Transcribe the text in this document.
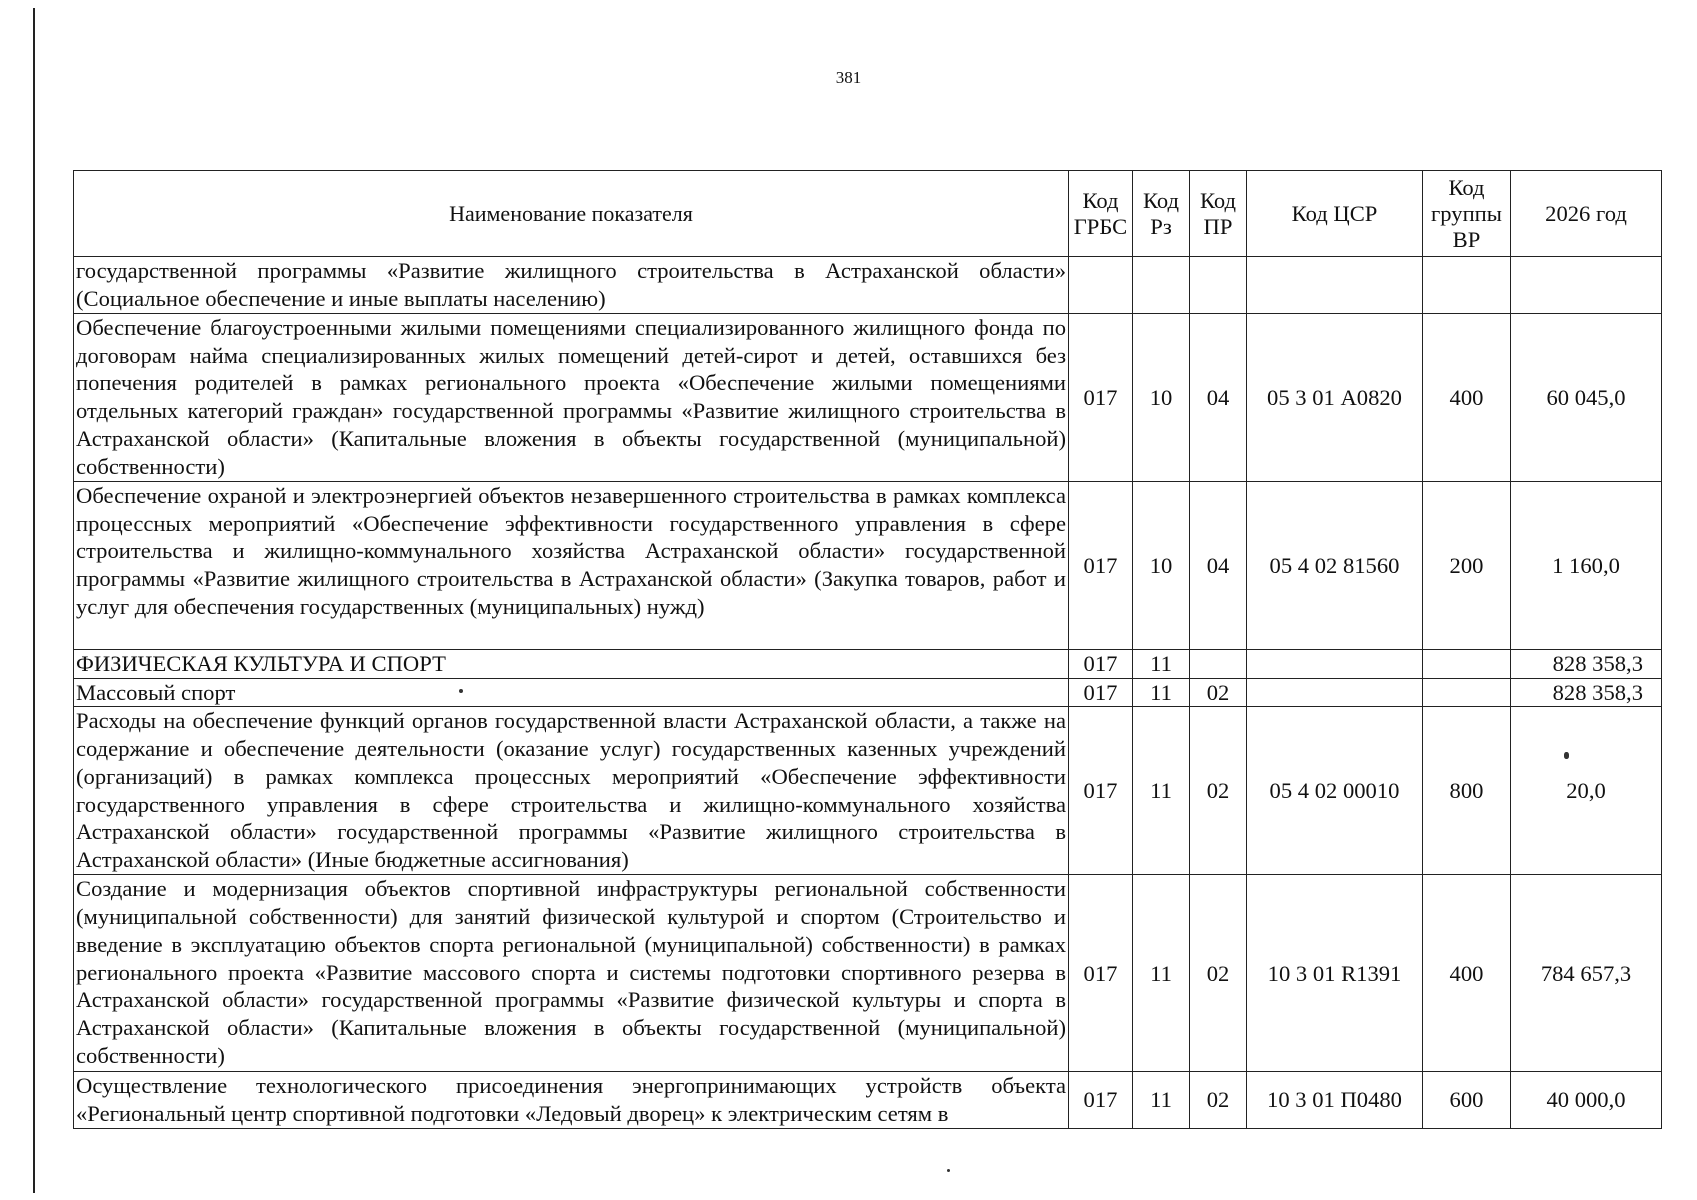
381
Наименование показателя	Код ГРБС	Код Рз	Код ПР	Код ЦСР	Код группы ВР	2026 год
государственной программы «Развитие жилищного строительства в Астраханской области» (Социальное обеспечение и иные выплаты населению)						
Обеспечение благоустроенными жилыми помещениями специализированного жилищного фонда по договорам найма специализированных жилых помещений детей-сирот и детей, оставшихся без попечения родителей в рамках регионального проекта «Обеспечение жилыми помещениями отдельных категорий граждан» государственной программы «Развитие жилищного строительства в Астраханской области» (Капитальные вложения в объекты государственной (муниципальной) собственности)	017	10	04	05 3 01 А0820	400	60 045,0
Обеспечение охраной и электроэнергией объектов незавершенного строительства в рамках комплекса процессных мероприятий «Обеспечение эффективности государственного управления в сфере строительства и жилищно-коммунального хозяйства Астраханской области» государственной программы «Развитие жилищного строительства в Астраханской области» (Закупка товаров, работ и услуг для обеспечения государственных (муниципальных) нужд)	017	10	04	05 4 02 81560	200	1 160,0
ФИЗИЧЕСКАЯ КУЛЬТУРА И СПОРТ	017	11				828 358,3
Массовый спорт	017	11	02			828 358,3
Расходы на обеспечение функций органов государственной власти Астраханской области, а также на содержание и обеспечение деятельности (оказание услуг) государственных казенных учреждений (организаций) в рамках комплекса процессных мероприятий «Обеспечение эффективности государственного управления в сфере строительства и жилищно-коммунального хозяйства Астраханской области» государственной программы «Развитие жилищного строительства в Астраханской области» (Иные бюджетные ассигнования)	017	11	02	05 4 02 00010	800	20,0
Создание и модернизация объектов спортивной инфраструктуры региональной собственности (муниципальной собственности) для занятий физической культурой и спортом (Строительство и введение в эксплуатацию объектов спорта региональной (муниципальной) собственности) в рамках регионального проекта «Развитие массового спорта и системы подготовки спортивного резерва в Астраханской области» государственной программы «Развитие физической культуры и спорта в Астраханской области» (Капитальные вложения в объекты государственной (муниципальной) собственности)	017	11	02	10 3 01 R1391	400	784 657,3
Осуществление технологического присоединения энергопринимающих устройств объекта «Региональный центр спортивной подготовки «Ледовый дворец» к электрическим сетям в	017	11	02	10 3 01 П0480	600	40 000,0
